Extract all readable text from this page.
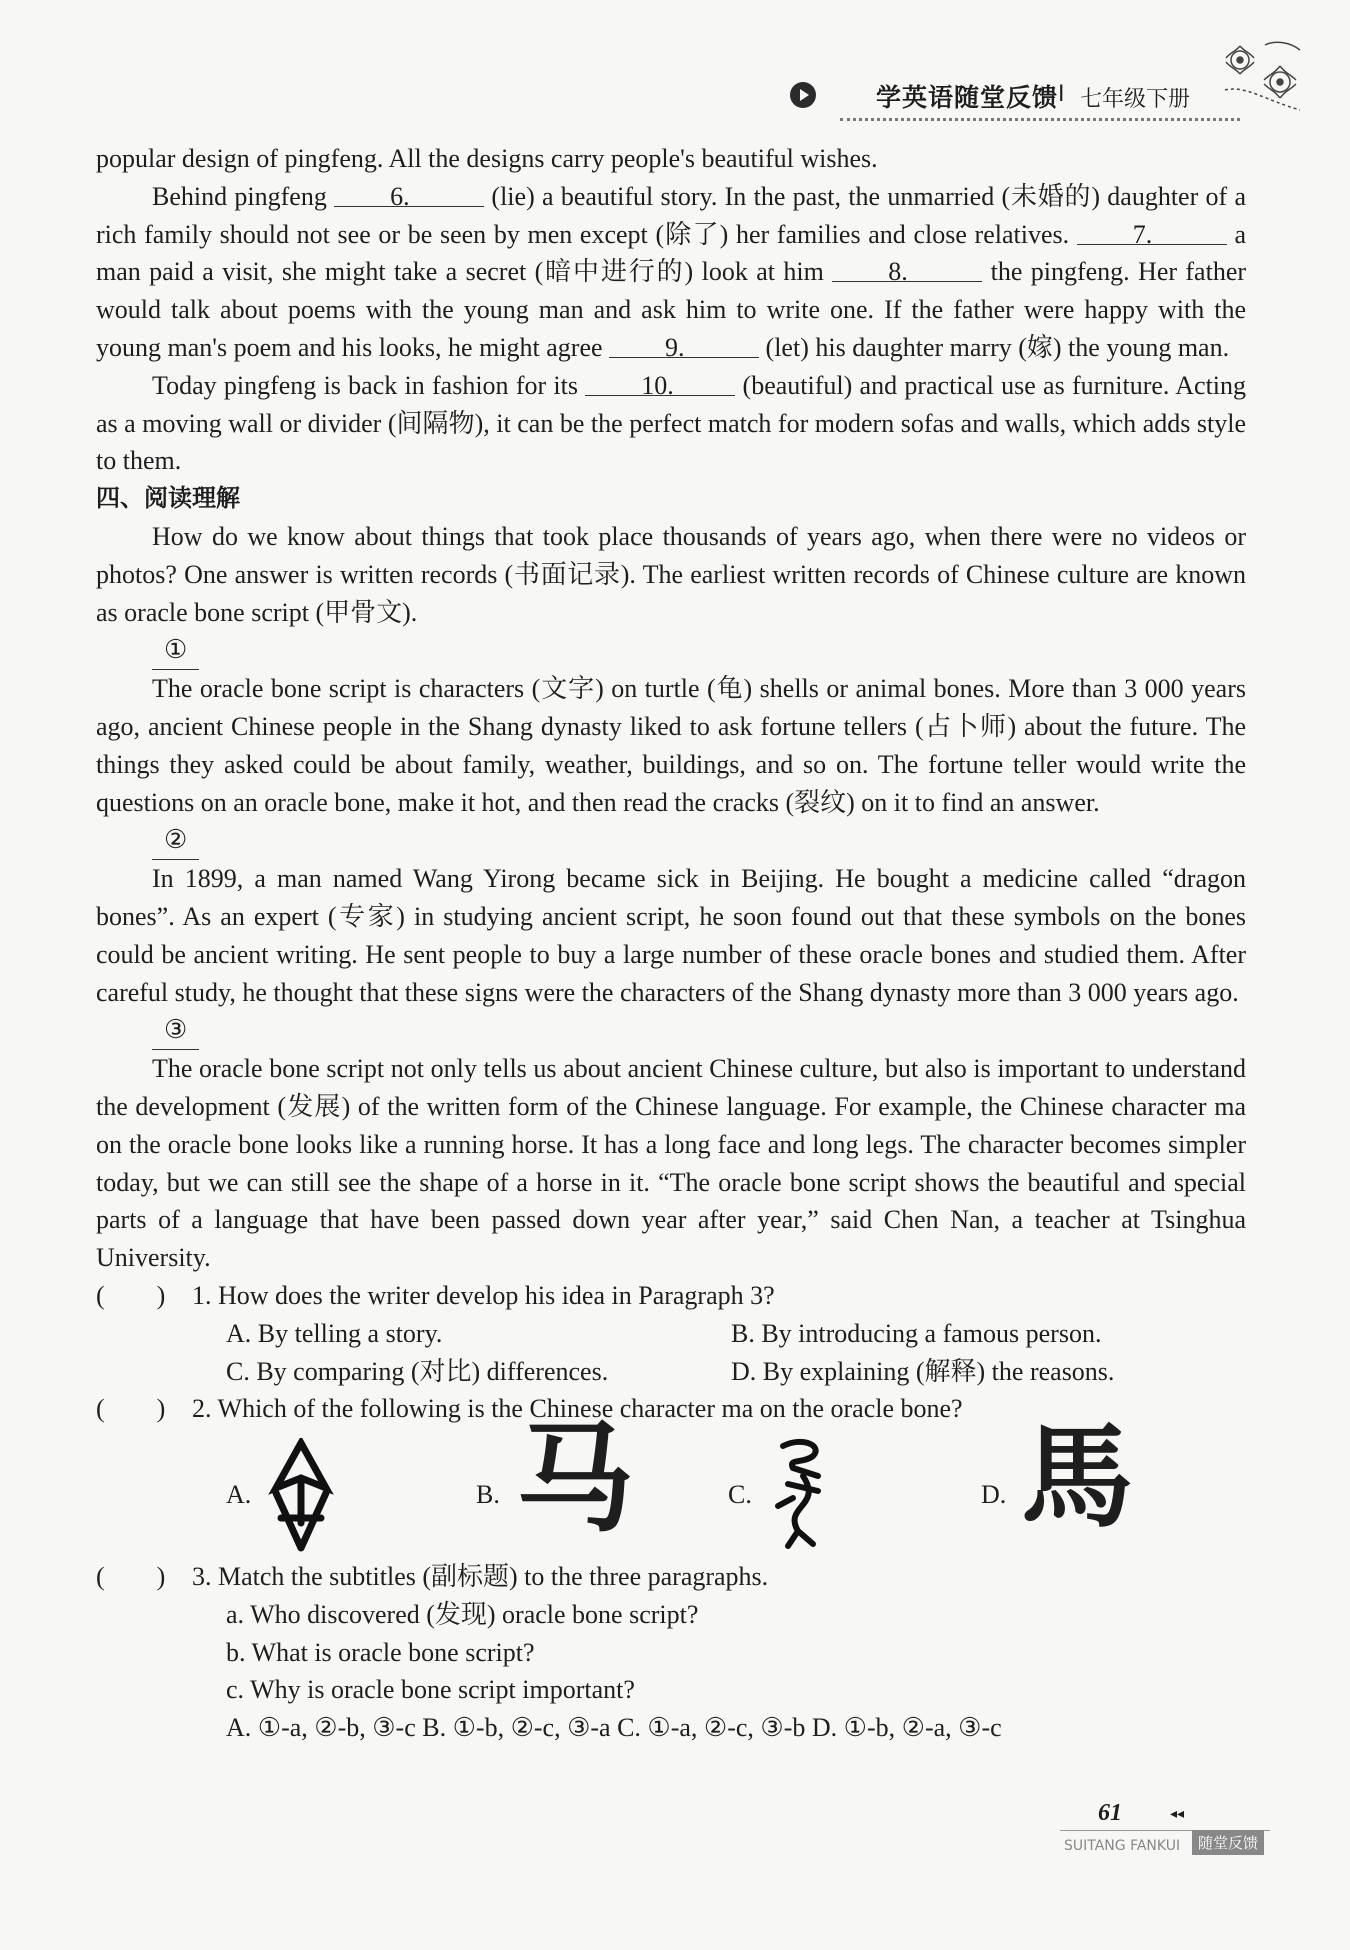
学英语随堂反馈 Ⅰ 七年级下册

popular design of pingfeng. All the designs carry people's beautiful wishes.

Behind pingfeng 6.	(lie) a beautiful story. In the past, the unmarried (未婚的) daughter of a rich family should not see or be seen by men except (除了) her families and close relatives. 7.	a man paid a visit, she might take a secret (暗中进行的) look at him 8.	the pingfeng. Her father would talk about poems with the young man and ask him to write one. If the father were happy with the young man's poem and his looks, he might agree 9.	(let) his daughter marry (嫁) the young man.

Today pingfeng is back in fashion for its 10.	(beautiful) and practical use as furniture. Acting as a moving wall or divider (间隔物), it can be the perfect match for modern sofas and walls, which adds style to them.

四、阅读理解

How do we know about things that took place thousands of years ago, when there were no videos or photos? One answer is written records (书面记录). The earliest written records of Chinese culture are known as oracle bone script (甲骨文).

①

The oracle bone script is characters (文字) on turtle (龟) shells or animal bones. More than 3 000 years ago, ancient Chinese people in the Shang dynasty liked to ask fortune tellers (占卜师) about the future. The things they asked could be about family, weather, buildings, and so on. The fortune teller would write the questions on an oracle bone, make it hot, and then read the cracks (裂纹) on it to find an answer.

②

In 1899, a man named Wang Yirong became sick in Beijing. He bought a medicine called “dragon bones”. As an expert (专家) in studying ancient script, he soon found out that these symbols on the bones could be ancient writing. He sent people to buy a large number of these oracle bones and studied them. After careful study, he thought that these signs were the characters of the Shang dynasty more than 3 000 years ago.

③

The oracle bone script not only tells us about ancient Chinese culture, but also is important to understand the development (发展) of the written form of the Chinese language. For example, the Chinese character ma on the oracle bone looks like a running horse. It has a long face and long legs. The character becomes simpler today, but we can still see the shape of a horse in it. “The oracle bone script shows the beautiful and special parts of a language that have been passed down year after year,” said Chen Nan, a teacher at Tsinghua University.

(　　) 1. How does the writer develop his idea in Paragraph 3?

A. By telling a story.	B. By introducing a famous person.
C. By comparing (对比) differences.	D. By explaining (解释) the reasons.

(　　) 2. Which of the following is the Chinese character ma on the oracle bone?

A.	B. 马	C.	D. 馬

(　　) 3. Match the subtitles (副标题) to the three paragraphs.

a. Who discovered (发现) oracle bone script?

b. What is oracle bone script?

c. Why is oracle bone script important?

A. ①-a, ②-b, ③-c B. ①-b, ②-c, ③-a C. ①-a, ②-c, ③-b D. ①-b, ②-a, ③-c

61	◂◂
SUITANG FANKUI	随堂反馈
